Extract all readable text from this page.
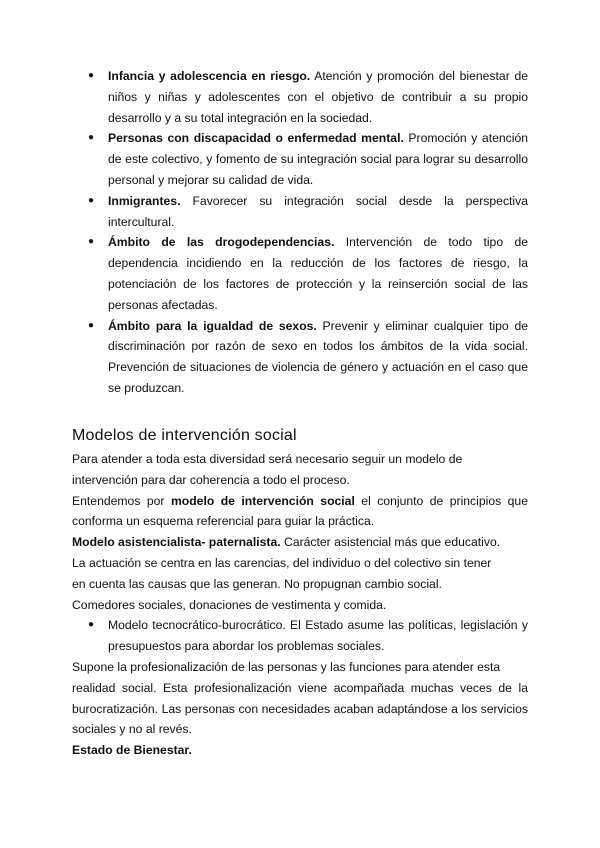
● Infancia y adolescencia en riesgo. Atención y promoción del bienestar de niños y niñas y adolescentes con el objetivo de contribuir a su propio desarrollo y a su total integración en la sociedad.
● Personas con discapacidad o enfermedad mental. Promoción y atención de este colectivo, y fomento de su integración social para lograr su desarrollo personal y mejorar su calidad de vida.
● Inmigrantes. Favorecer su integración social desde la perspectiva intercultural.
● Ámbito de las drogodependencias. Intervención de todo tipo de dependencia incidiendo en la reducción de los factores de riesgo, la potenciación de los factores de protección y la reinserción social de las personas afectadas.
● Ámbito para la igualdad de sexos. Prevenir y eliminar cualquier tipo de discriminación por razón de sexo en todos los ámbitos de la vida social. Prevención de situaciones de violencia de género y actuación en el caso que se produzcan.
Modelos de intervención social

Para atender a toda esta diversidad será necesario seguir un modelo de
intervención para dar coherencia a todo el proceso.

Entendemos por modelo de intervención social el conjunto de principios que conforma un esquema referencial para guiar la práctica.

Modelo asistencialista- paternalista. Carácter asistencial más que educativo.

La actuación se centra en las carencias, del individuo o del colectivo sin tener
en cuenta las causas que las generan. No propugnan cambio social.

Comedores sociales, donaciones de vestimenta y comida.

● Modelo tecnocrático-burocrático. El Estado asume las políticas, legislación y presupuestos para abordar los problemas sociales.

Supone la profesionalización de las personas y las funciones para atender esta
realidad social. Esta profesionalización viene acompañada muchas veces de la burocratización. Las personas con necesidades acaban adaptándose a los servicios sociales y no al revés.

Estado de Bienestar.
